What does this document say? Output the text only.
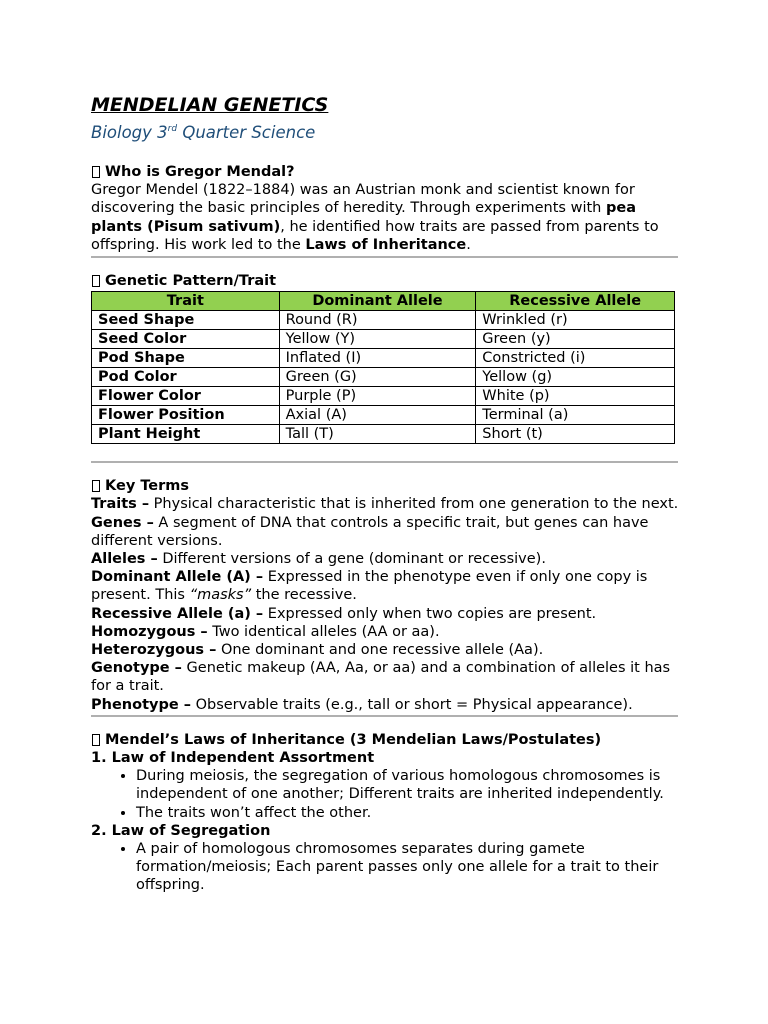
MENDELIAN GENETICS
Biology 3rd Quarter Science
Who is Gregor Mendal?

Gregor Mendel (1822–1884) was an Austrian monk and scientist known for discovering the basic principles of heredity. Through experiments with pea plants (Pisum sativum), he identified how traits are passed from parents to offspring. His work led to the Laws of Inheritance.

Genetic Pattern/Trait
Trait	Dominant Allele	Recessive Allele
Seed Shape	Round (R)	Wrinkled (r)
Seed Color	Yellow (Y)	Green (y)
Pod Shape	Inflated (I)	Constricted (i)
Pod Color	Green (G)	Yellow (g)
Flower Color	Purple (P)	White (p)
Flower Position	Axial (A)	Terminal (a)
Plant Height	Tall (T)	Short (t)
Key Terms

Traits – Physical characteristic that is inherited from one generation to the next.

Genes – A segment of DNA that controls a specific trait, but genes can have different versions.

Alleles – Different versions of a gene (dominant or recessive).

Dominant Allele (A) – Expressed in the phenotype even if only one copy is present. This “masks” the recessive.

Recessive Allele (a) – Expressed only when two copies are present.

Homozygous – Two identical alleles (AA or aa).

Heterozygous – One dominant and one recessive allele (Aa).

Genotype – Genetic makeup (AA, Aa, or aa) and a combination of alleles it has for a trait.

Phenotype – Observable traits (e.g., tall or short = Physical appearance).

Mendel’s Laws of Inheritance (3 Mendelian Laws/Postulates)
1. Law of Independent Assortment
• During meiosis, the segregation of various homologous chromosomes is independent of one another; Different traits are inherited independently.
• The traits won’t affect the other.
2. Law of Segregation
• A pair of homologous chromosomes separates during gamete formation/meiosis; Each parent passes only one allele for a trait to their offspring.
